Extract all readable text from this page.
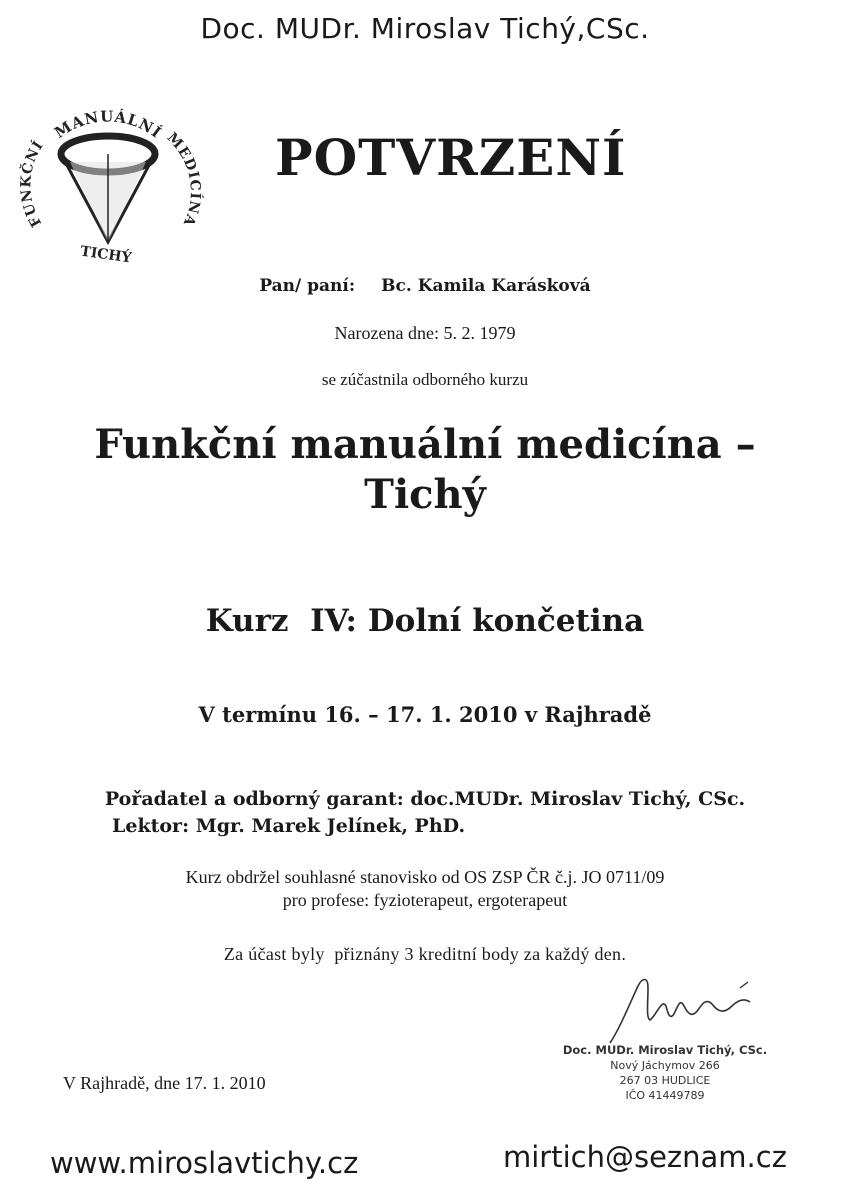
Doc. MUDr. Miroslav Tichý,CSc.
MANUÁLNÍ
FUNKČNÍ	MEDICÍNA
TICHÝ
POTVRZENÍ
Pan/ paní: Bc. Kamila Karásková
Narozena dne: 5. 2. 1979
se zúčastnila odborného kurzu
Funkční manuální medicína –
Tichý
Kurz  IV: Dolní končetina
V termínu 16. – 17. 1. 2010 v Rajhradě
Pořadatel a odborný garant: doc.MUDr. Miroslav Tichý, CSc.
Lektor: Mgr. Marek Jelínek, PhD.
Kurz obdržel souhlasné stanovisko od OS ZSP ČR č.j. JO 0711/09
pro profese: fyzioterapeut, ergoterapeut
Za účast byly  přiznány 3 kreditní body za každý den.
Doc. MUDr. Miroslav Tichý, CSc.
Nový Jáchymov 266
267 03 HUDLICE
IČO 41449789
V Rajhradě, dne 17. 1. 2010
www.miroslavtichy.cz	mirtich@seznam.cz
